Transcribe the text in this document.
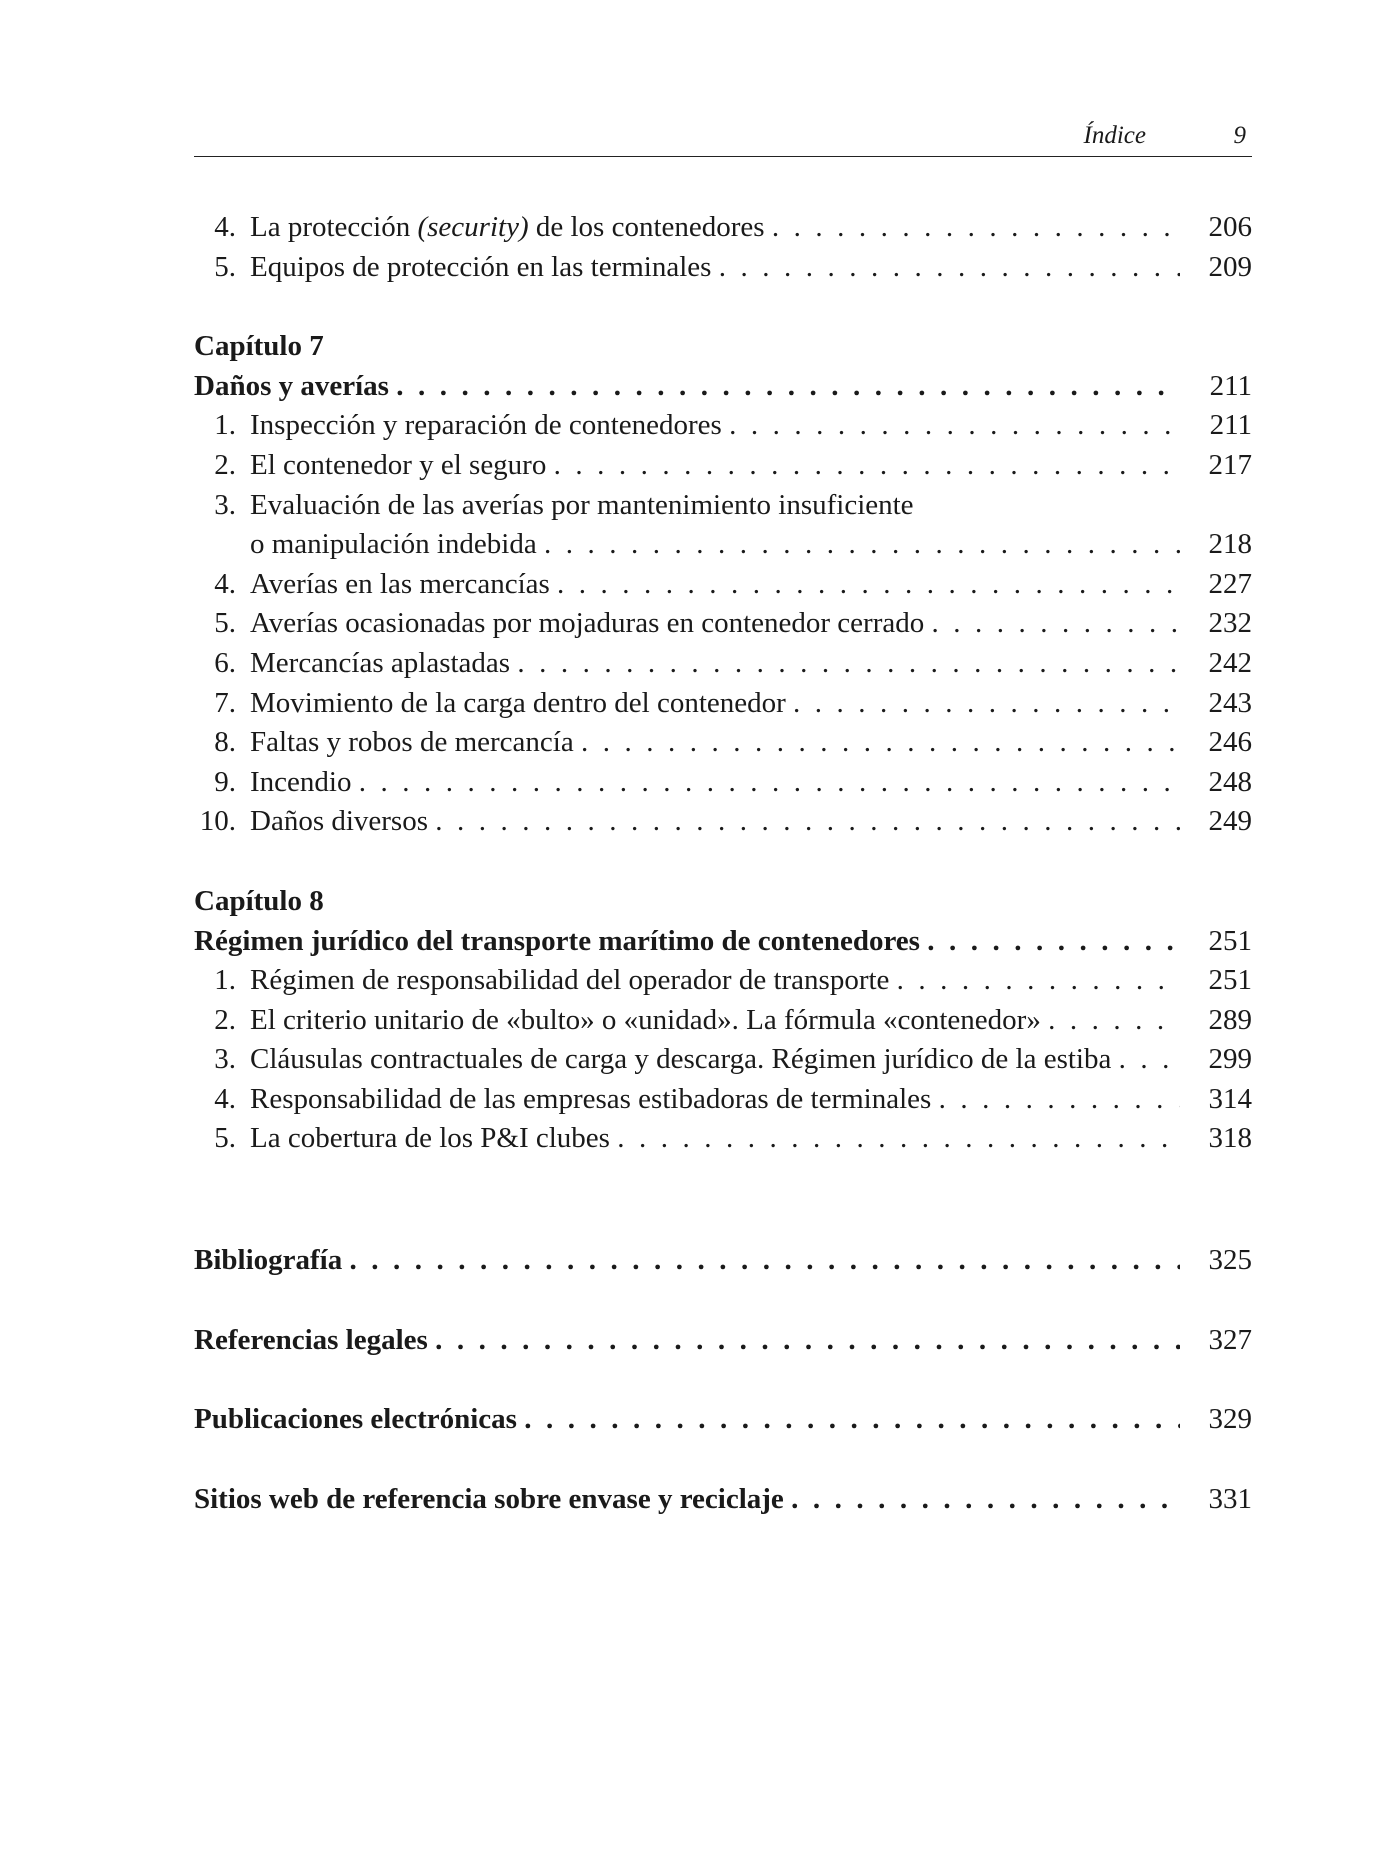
Índice	9
4. La protección (security) de los contenedores . .	206
5. Equipos de protección en las terminales . .	209
Capítulo 7
Daños y averías . .	211
1. Inspección y reparación de contenedores . .	211
2. El contenedor y el seguro . .	217
3. Evaluación de las averías por mantenimiento insuficiente
o manipulación indebida . .	218
4. Averías en las mercancías . .	227
5. Averías ocasionadas por mojaduras en contenedor cerrado . .	232
6. Mercancías aplastadas . .	242
7. Movimiento de la carga dentro del contenedor . .	243
8. Faltas y robos de mercancía . .	246
9. Incendio . .	248
10. Daños diversos . .	249
Capítulo 8
Régimen jurídico del transporte marítimo de contenedores . .	251
1. Régimen de responsabilidad del operador de transporte . .	251
2. El criterio unitario de «bulto» o «unidad». La fórmula «contenedor» . .	289
3. Cláusulas contractuales de carga y descarga. Régimen jurídico de la estiba . .	299
4. Responsabilidad de las empresas estibadoras de terminales . .	314
5. La cobertura de los P&I clubes . .	318
Bibliografía . .	325
Referencias legales . .	327
Publicaciones electrónicas . .	329
Sitios web de referencia sobre envase y reciclaje . .	331
